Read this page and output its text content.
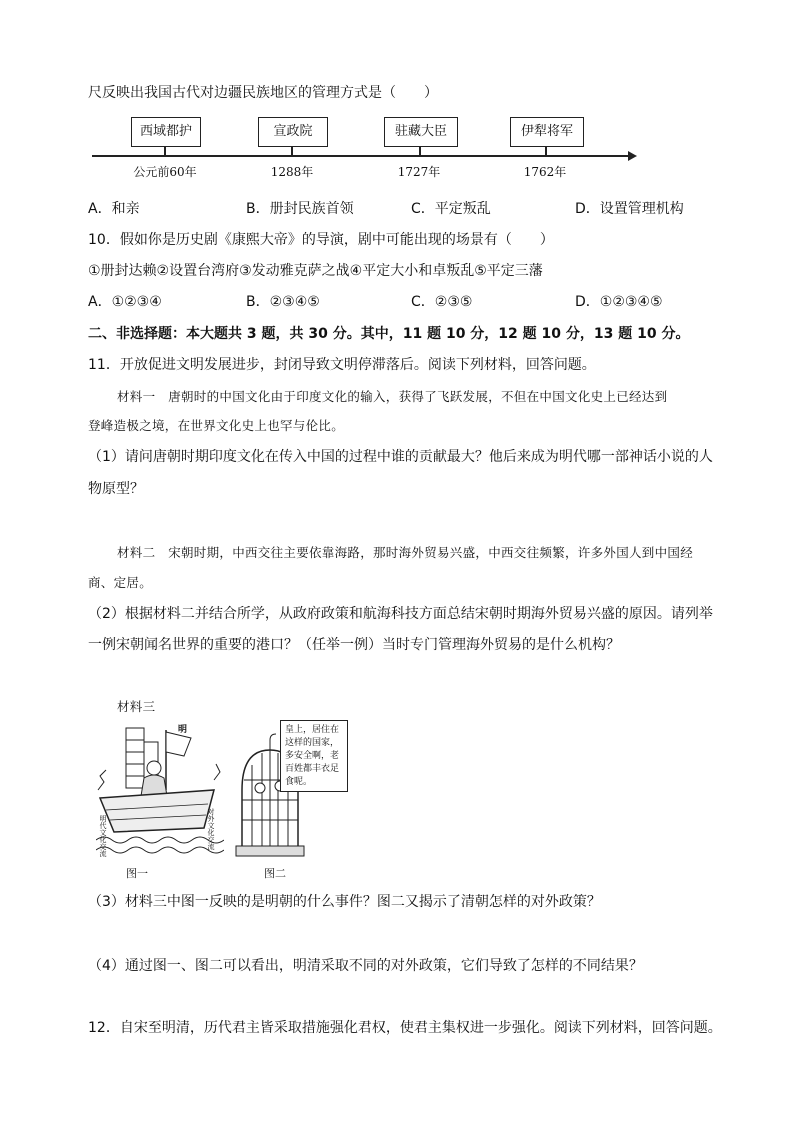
尺反映出我国古代对边疆民族地区的管理方式是（　　）
西域都护
公元前60年
宣政院
1288年
驻藏大臣
1727年
伊犁将军
1762年
A．和亲	B．册封民族首领	C．平定叛乱	D．设置管理机构
10．假如你是历史剧《康熙大帝》的导演，剧中可能出现的场景有（　　）
①册封达赖②设置台湾府③发动雅克萨之战④平定大小和卓叛乱⑤平定三藩
A．①②③④	B．②③④⑤	C．②③⑤	D．①②③④⑤
二、非选择题：本大题共 3 题，共 30 分。其中，11 题 10 分，12 题 10 分，13 题 10 分。
11．开放促进文明发展进步，封闭导致文明停滞落后。阅读下列材料，回答问题。
材料一　唐朝时的中国文化由于印度文化的输入，获得了飞跃发展，不但在中国文化史上已经达到
登峰造极之境，在世界文化史上也罕与伦比。
（1）请问唐朝时期印度文化在传入中国的过程中谁的贡献最大？他后来成为明代哪一部神话小说的人
物原型？
材料二　宋朝时期，中西交往主要依靠海路，那时海外贸易兴盛，中西交往频繁，许多外国人到中国经
商、定居。
（2）根据材料二并结合所学，从政府政策和航海科技方面总结宋朝时期海外贸易兴盛的原因。请列举
一例宋朝闻名世界的重要的港口？（任举一例）当时专门管理海外贸易的是什么机构？
材料三
明
明代文化交流	对外文化交流
图一
皇上，居住在
这样的国家，
多安全啊，老
百姓都丰衣足
食呢。
图二
（3）材料三中图一反映的是明朝的什么事件？图二又揭示了清朝怎样的对外政策？
（4）通过图一、图二可以看出，明清采取不同的对外政策，它们导致了怎样的不同结果？
12．自宋至明清，历代君主皆采取措施强化君权，使君主集权进一步强化。阅读下列材料，回答问题。
